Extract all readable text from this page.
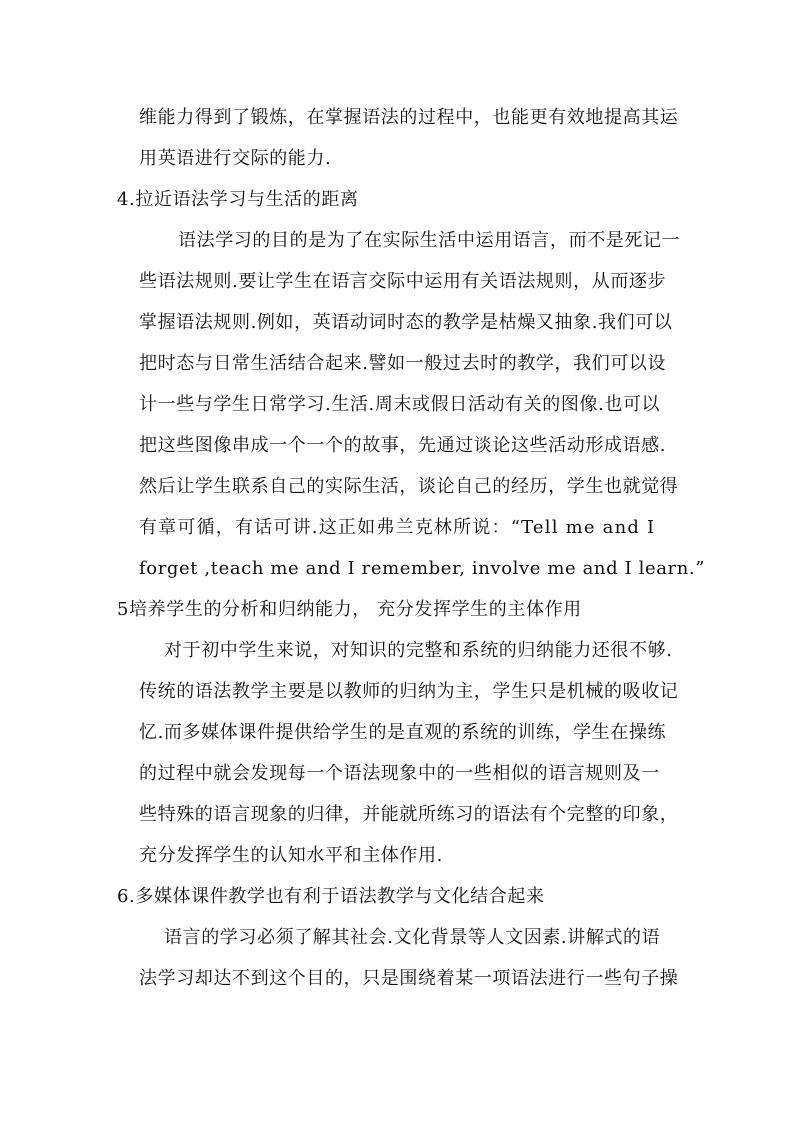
维能力得到了锻炼，在掌握语法的过程中，也能更有效地提高其运
用英语进行交际的能力.
4.拉近语法学习与生活的距离
语法学习的目的是为了在实际生活中运用语言，而不是死记一
些语法规则.要让学生在语言交际中运用有关语法规则，从而逐步
掌握语法规则.例如，英语动词时态的教学是枯燥又抽象.我们可以
把时态与日常生活结合起来.譬如一般过去时的教学，我们可以设
计一些与学生日常学习.生活.周末或假日活动有关的图像.也可以
把这些图像串成一个一个的故事，先通过谈论这些活动形成语感.
然后让学生联系自己的实际生活，谈论自己的经历，学生也就觉得
有章可循，有话可讲.这正如弗兰克林所说：“Tell me and I
forget ,teach me and I remember, involve me and I learn.”
5培养学生的分析和归纳能力， 充分发挥学生的主体作用
对于初中学生来说，对知识的完整和系统的归纳能力还很不够.
传统的语法教学主要是以教师的归纳为主，学生只是机械的吸收记
忆.而多媒体课件提供给学生的是直观的系统的训练，学生在操练
的过程中就会发现每一个语法现象中的一些相似的语言规则及一
些特殊的语言现象的归律，并能就所练习的语法有个完整的印象，
充分发挥学生的认知水平和主体作用.
6.多媒体课件教学也有利于语法教学与文化结合起来
语言的学习必须了解其社会.文化背景等人文因素.讲解式的语
法学习却达不到这个目的，只是围绕着某一项语法进行一些句子操
